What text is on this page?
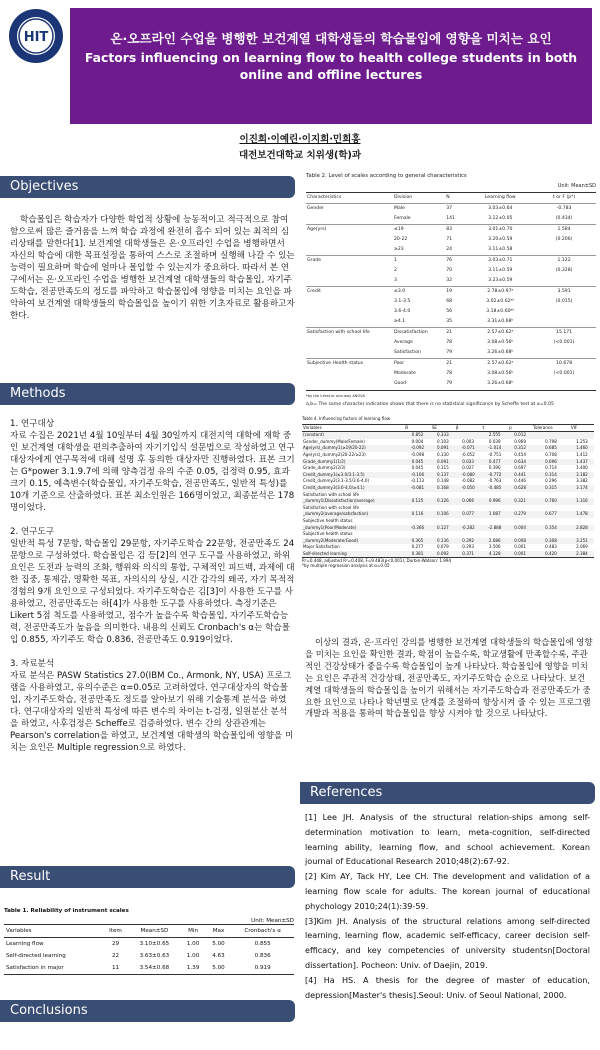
HIT	온·오프라인 수업을 병행한 보건계열 대학생들의 학습몰입에 영향을 미치는 요인
Factors influencing on learning flow to health college students in both online and offline lectures
이진희·이예린·이지희·민희홍
대전보건대학교 치위생(학)과
Objectives
학습몰입은 학습자가 다양한 학업적 상황에 능동적이고 적극적으로 참여함으로써 많은 즐거움을 느껴 학습 과정에 완전히 흡수 되어 있는 최적의 심리상태를 말한다[1]. 보건계열 대학생들은 온·오프라인 수업을 병행하면서 자신의 학습에 대한 목표설정을 통하여 스스로 조절하며 실행해 나갈 수 있는 능력이 필요하며 학습에 얼마나 몰입할 수 있는지가 중요하다. 따라서 본 연구에서는 온·오프라인 수업을 병행한 보건계열 대학생들의 학습몰입, 자기주도학습, 전공만족도의 정도를 파악하고 학습몰입에 영향을 미치는 요인을 파악하여 보건계열 대학생들의 학습몰입을 높이기 위한 기초자료로 활용하고자 한다.
Methods
1. 연구대상
자료 수집은 2021년 4월 10일부터 4월 30일까지 대전지역 대학에 재학 중인 보건계열 대학생을 편의추출하여 자기기입식 설문법으로 작성하였고 연구대상자에게 연구목적에 대해 설명 후 동의한 대상자만 진행하였다. 표본 크기는 G*power 3.1.9.7에 의해 양측검정 유의 수준 0.05, 검정력 0.95, 효과크기 0.15, 예측변수(학습몰입, 자기주도학습, 전공만족도, 일반적 특성)를 10개 기준으로 산출하였다. 표본 최소인원은 166명이었고, 최종분석은 178명이었다.
2. 연구도구
일반적 특성 7문항, 학습몰입 29문항, 자기주도학습 22문항, 전공만족도 24문항으로 구성하였다. 학습몰입은 김 등[2]의 연구 도구를 사용하였고, 하위요인은 도전과 능력의 조화, 행위와 의식의 통합, 구체적인 피드백, 과제에 대한 집중, 통제감, 명확한 목표, 자의식의 상실, 시간 감각의 왜곡, 자기 목적적 경험의 9개 요인으로 구성되었다. 자기주도학습은 김[3]이 사용한 도구를 사용하였고, 전공만족도는 하[4]가 사용한 도구를 사용하였다. 측정기준은 Likert 5점 척도를 사용하였고, 점수가 높을수록 학습몰입, 자기주도학습능력, 전공만족도가 높음을 의미한다. 내용의 신뢰도 Cronbach's α는 학습몰입 0.855, 자기주도 학습 0.836, 전공만족도 0.919이었다.
3. 자료분석
자료 분석은 PASW Statistics 27.0(IBM Co., Armonk, NY, USA) 프로그램을 사용하였고, 유의수준은 α=0.05로 고려하였다. 연구대상자의 학습몰입, 자기주도학습, 전공만족도 정도를 알아보기 위해 기술통계 분석을 하였다. 연구대상자의 일반적 특성에 따른 변수의 차이는 t-검정, 일원분산 분석을 하였고, 사후검정은 Scheffe로 검증하였다. 변수 간의 상관관계는 Pearson's correlation을 하였고, 보건계열 대학생의 학습몰입에 영향을 미치는 요인은 Multiple regression으로 하였다.
Result
Table 1. Reliability of instrument scales
Unit: Mean±SD
Variables	Item	Mean±SD	Min	Max	Cronbach's α
Learning flow	29	3.10±0.65	1.00	5.00	0.855
Self-directed learning	22	3.63±0.63	1.00	4.63	0.836
Satisfaction in major	11	3.54±0.68	1.39	5.00	0.919
Conclusions
Table 2. Level of scales according to general characteristics
Unit: Mean±SD
Characteristics	Division	N	Learning flow	t or F (p*)
Gender	Male	37	3.03±0.64	-0.783
	Female	141	3.12±0.05	(0.434)
Age(yrs)	≤19	83	3.01±0.70	1.584
	20-22	71	3.20±0.59	(0.206)
	≥23	24	3.11±0.58	
Grade	1	76	3.03±0.71	1.122
	2	70	3.11±0.59	(0.328)
	3	32	3.23±0.59	
Credit	≤3.0	19	2.78±0.97ᵃ	3.591
	3.1-3.5	68	3.02±0.62ᵃᵇ	(0.015)
	3.6-4.0	56	3.18±0.60ᵃᵇ	
	≥4.1	35	3.31±0.68ᵇ	
Satisfaction with school life	Dissatisfaction	21	2.57±0.62ᵃ	15.171
	Average	78	3.08±0.56ᵇ	(<0.001)
	Satisfaction	79	3.26±0.68ᵇ	
Subjective Health status	Poor	21	2.57±0.62ᵃ	10.678
	Moderate	78	3.08±0.56ᵇ	(<0.001)
	Good	79	3.26±0.68ᵇ	
*by the t-test or one-way ANOVA
a,b= The same character indication shows that there is no statistical significance by Scheffe test at α=0.05
Table 4. Influencing factors of learning flow
Variables	B	SE	β	t	p	Tolerance	VIF
(constant)	0.852	0.333		2.555	0.012		
Gender_dummy(Male/Female)	0.004	0.103	0.003	0.039	0.969	0.798	1.253
Age(yrs)_dummy1(≥19/20-22)	-0.092	0.091	-0.071	-1.014	0.312	0.685	1.460
Age(yrs)_dummy2(20-22/≥23)	-0.098	0.130	-0.052	-0.751	0.454	0.708	1.412
Grade_dummy1(1/2)	0.045	0.091	0.033	0.477	0.634	0.696	1.437
Grade_dummy2(2/3)	0.045	0.115	0.027	0.390	0.697	0.714	1.400
Credit_dummy1(≤3.0/3.1-3.5)	-0.106	0.137	-0.080	-0.772	0.441	0.314	3.182
Credit_dummy2(3.1-3.5/3.6-4.0)	-0.113	0.148	-0.082	-0.763	0.446	0.296	3.382
Credit_dummy3(3.6-4.0/≥4.1)	-0.081	0.168	-0.050	-0.485	0.628	0.315	3.174
Satisfaction with school life							
_dummy1(Dissatisfaction/average)	0.125	0.126	0.066	0.996	0.321	0.760	1.316
Satisfaction with school life							
_dummy2(average/satisfaction)	0.116	0.106	0.077	1.087	0.279	0.677	1.478
Subjective health status							
_dummy1(Poor/Moderate)	-0.366	0.127	-0.282	-2.888	0.004	0.354	2.828
Subjective health status							
_dummy2(Moderate/Good)	0.365	0.136	0.292	2.686	0.008	0.308	3.251
Major Satisfaction	0.277	0.079	0.293	3.506	0.001	0.483	2.069
Self-directed learning	0.381	0.092	0.371	4.128	0.001	0.420	2.384
R²=0.448, adjusted R²=0.408, F=9.483(p<0.001), Durbin-Watson: 1.994
*by multiple regression analysis at α=0.05
이상의 결과, 온·프라인 강의를 병행한 보건계열 대학생들의 학습몰입에 영향을 미치는 요인을 확인한 결과, 학점이 높을수록, 학교생활에 만족할수록, 주관적인 건강상태가 좋을수록 학습몰입이 높게 나타났다. 학습몰입에 영향을 미치는 요인은 주관적 건강상태, 전공만족도, 자기주도학습 순으로 나타났다. 보건계열 대학생들의 학습몰입을 높이기 위해서는 자기주도학습과 전공만족도가 중요한 요인으로 나타나 학년별로 단계를 조절하여 향상시켜 줄 수 있는 프로그램 개발과 적용을 통하여 학습몰입을 향상 시켜야 할 것으로 나타났다.
References
[1] Lee JH. Analysis of the structural relation-ships among self-determination motivation to learn, meta-cognition, self-directed learning ability, learning flow, and school achievement. Korean journal of Educational Research 2010;48(2):67-92.
[2] Kim AY, Tack HY, Lee CH. The development and validation of a learning flow scale for adults. The korean journal of educational phychology 2010;24(1):39-59.
[3]Kim JH. Analysis of the structural relations among self-directed learning, learning flow, academic self-efficacy, career decision self-efficacy, and key competencies of university studentsn[Doctoral dissertation]. Pocheon: Univ. of Daejin, 2019.
[4] Ha HS. A thesis for the degree of master of education, depression[Master's thesis].Seoul: Univ. of Seoul National, 2000.
